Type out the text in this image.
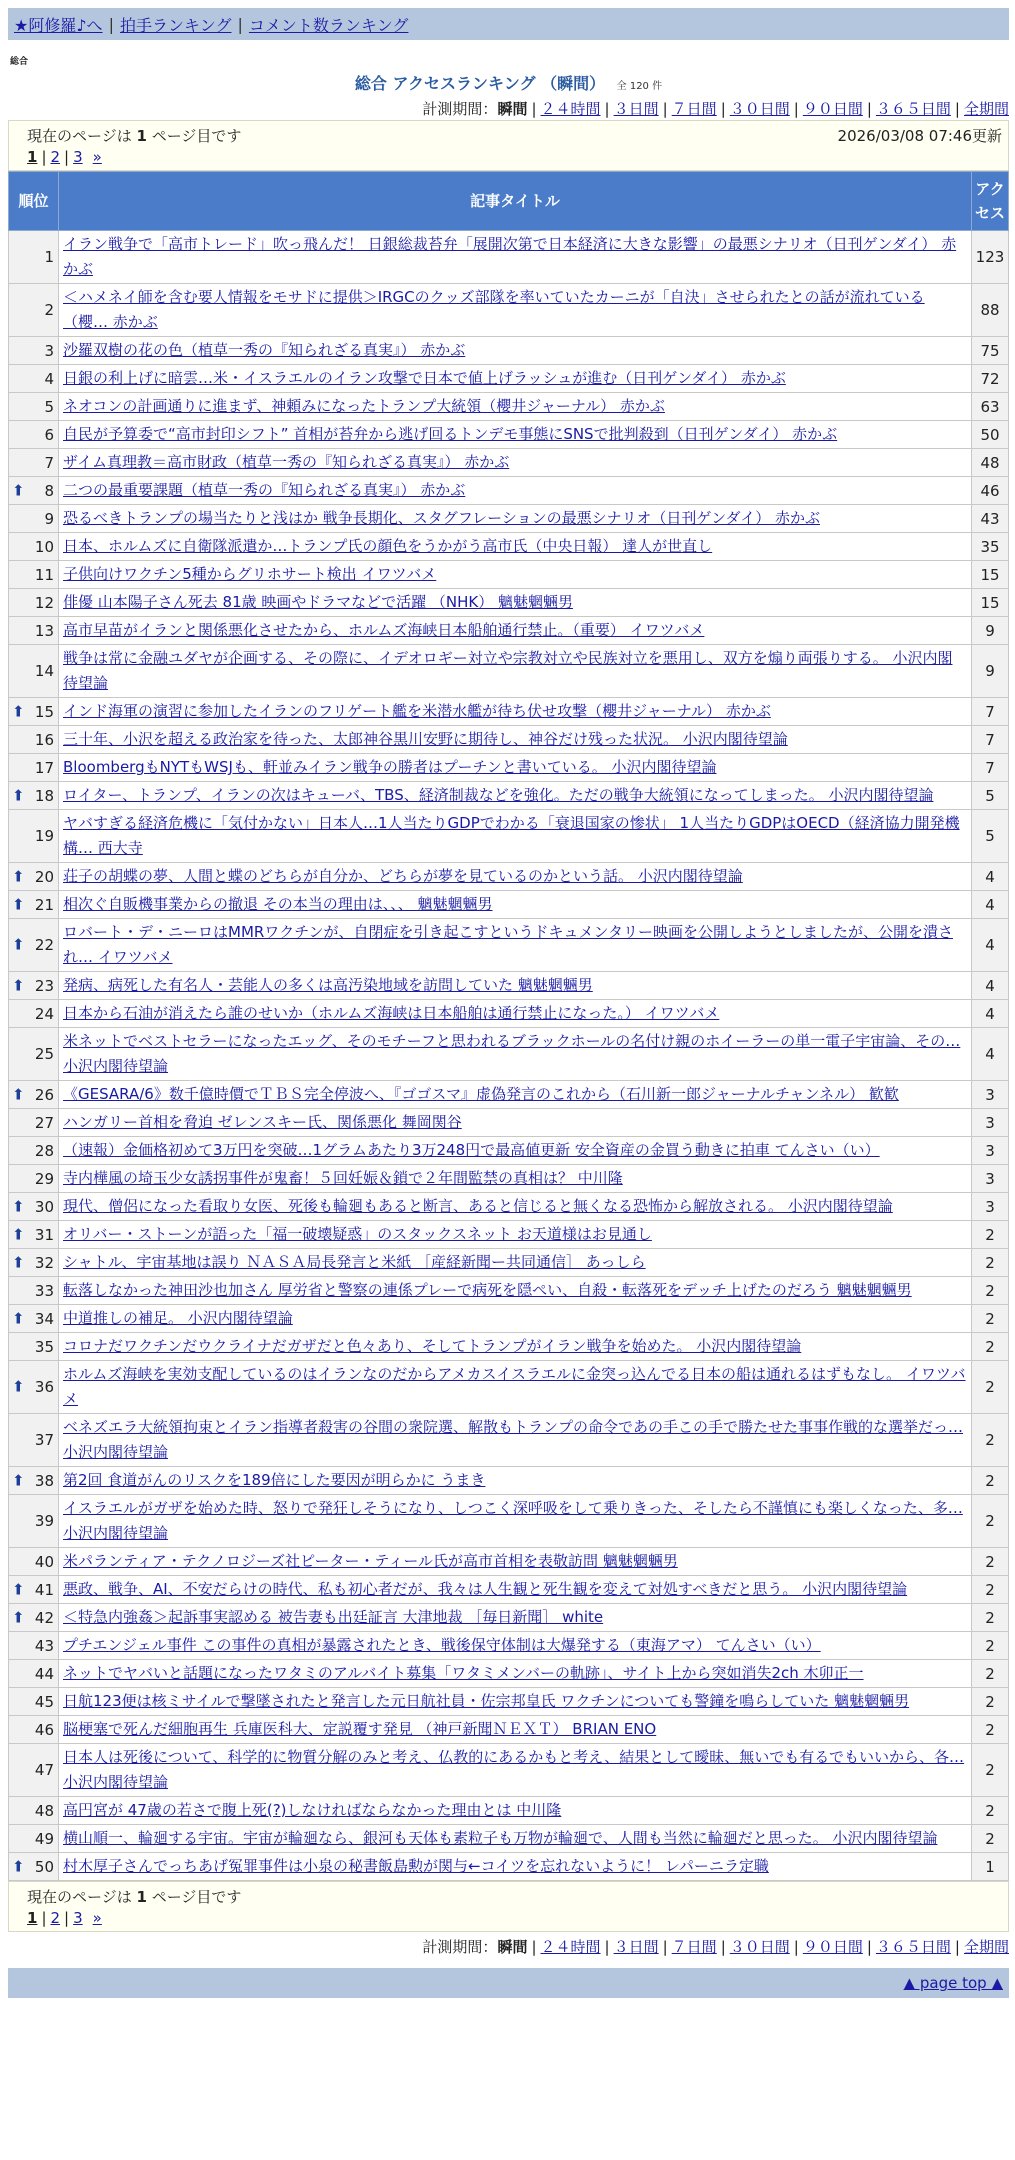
★阿修羅♪へ | 拍手ランキング | コメント数ランキング
総合
総合 アクセスランキング （瞬間） 全 120 件
計測期間：瞬間 | ２４時間 | ３日間 | ７日間 | ３０日間 | ９０日間 | ３６５日間 | 全期間
現在のページは 1 ページ目です	2026/03/08 07:46更新
1 | 2 | 3 »
順位	記事タイトル	アクセス
1	イラン戦争で「高市トレード」吹っ飛んだ！ 日銀総裁苔弁「展開次第で日本経済に大きな影響」の最悪シナリオ（日刊ゲンダイ） 赤かぶ	123
2	＜ハメネイ師を含む要人情報をモサドに提供＞IRGCのクッズ部隊を率いていたカーニが「自決」させられたとの話が流れている（櫻… 赤かぶ	88
3	沙羅双樹の花の色（植草一秀の『知られざる真実』） 赤かぶ	75
4	日銀の利上げに暗雲…米・イスラエルのイラン攻撃で日本で値上げラッシュが進む（日刊ゲンダイ） 赤かぶ	72
5	ネオコンの計画通りに進まず、神頼みになったトランプ大統領（櫻井ジャーナル） 赤かぶ	63
6	自民が予算委で“高市封印シフト” 首相が苔弁から逃げ回るトンデモ事態にSNSで批判殺到（日刊ゲンダイ） 赤かぶ	50
7	ザイム真理教＝高市財政（植草一秀の『知られざる真実』） 赤かぶ	48

⬆ 8	二つの最重要課題（植草一秀の『知られざる真実』） 赤かぶ	46
9	恐るべきトランプの場当たりと浅はか 戦争長期化、スタグフレーションの最悪シナリオ（日刊ゲンダイ） 赤かぶ	43
10	日本、ホルムズに自衛隊派遣か…トランプ氏の顔色をうかがう高市氏（中央日報） 達人が世直し	35
11	子供向けワクチン5種からグリホサート検出 イワツバメ	15
12	俳優 山本陽子さん死去 81歳 映画やドラマなどで活躍 （NHK） 魑魅魍魎男	15
13	高市早苗がイランと関係悪化させたから、ホルムズ海峡日本船舶通行禁止。（重要） イワツバメ	9
14	戦争は常に金融ユダヤが企画する、その際に、イデオロギー対立や宗教対立や民族対立を悪用し、双方を煽り両張りする。 小沢内閣待望論	9

⬆ 15	インド海軍の演習に参加したイランのフリゲート艦を米潜水艦が待ち伏せ攻撃（櫻井ジャーナル） 赤かぶ	7
16	三十年、小沢を超える政治家を待った、太郎神谷黒川安野に期待し、神谷だけ残った状況。 小沢内閣待望論	7
17	BloombergもNYTもWSJも、軒並みイラン戦争の勝者はプーチンと書いている。 小沢内閣待望論	7

⬆ 18	ロイター、トランプ、イランの次はキューバ、TBS、経済制裁などを強化。ただの戦争大統領になってしまった。 小沢内閣待望論	5
19	ヤバすぎる経済危機に「気付かない」日本人…1人当たりGDPでわかる「衰退国家の惨状」 1人当たりGDPはOECD（経済協力開発機構… 西大寺	5

⬆ 20	荘子の胡蝶の夢、人間と蝶のどちらが自分か、どちらが夢を見ているのかという話。 小沢内閣待望論	4

⬆ 21	相次ぐ自販機事業からの撤退 その本当の理由は、、、 魑魅魍魎男	4

⬆ 22	ロバート・デ・ニーロはMMRワクチンが、自閉症を引き起こすというドキュメンタリー映画を公開しようとしましたが、公開を潰され… イワツバメ	4

⬆ 23	発病、病死した有名人・芸能人の多くは高汚染地域を訪問していた 魑魅魍魎男	4
24	日本から石油が消えたら誰のせいか（ホルムズ海峡は日本船舶は通行禁止になった。） イワツバメ	4
25	米ネットでベストセラーになったエッグ、そのモチーフと思われるブラックホールの名付け親のホイーラーの単一電子宇宙論、その… 小沢内閣待望論	4

⬆ 26	《GESARA/6》数千億時價でＴＢＳ完全停波へ、『ゴゴスマ』虚偽発言のこれから（石川新一郎ジャーナルチャンネル） 歓歓	3
27	ハンガリー首相を脅迫 ゼレンスキー氏、関係悪化 舞岡関谷	3
28	（速報）金価格初めて3万円を突破…1グラムあたり3万248円で最高値更新 安全資産の金買う動きに拍車 てんさい（い）	3
29	寺内樺風の埼玉少女誘拐事件が鬼畜！５回妊娠＆鎖で２年間監禁の真相は？ 中川隆	3

⬆ 30	現代、僧侶になった看取り女医、死後も輪廻もあると断言、あると信じると無くなる恐怖から解放される。 小沢内閣待望論	3

⬆ 31	オリバー・ストーンが語った「福一破壊疑惑」のスタックスネット お天道様はお見通し	2

⬆ 32	シャトル、宇宙基地は誤り ＮＡＳＡ局長発言と米紙 ［産経新聞ー共同通信］ あっしら	2
33	転落しなかった神田沙也加さん 厚労省と警察の連係プレーで病死を隠ぺい、自殺・転落死をデッチ上げたのだろう 魑魅魍魎男	2

⬆ 34	中道推しの補足。 小沢内閣待望論	2
35	コロナだワクチンだウクライナだガザだと色々あり、そしてトランプがイラン戦争を始めた。 小沢内閣待望論	2

⬆ 36	ホルムズ海峡を実効支配しているのはイランなのだからアメカスイスラエルに金突っ込んでる日本の船は通れるはずもなし。 イワツバメ	2
37	ベネズエラ大統領拘束とイラン指導者殺害の谷間の衆院選、解散もトランプの命令であの手この手で勝たせた事事作戦的な選挙だっ… 小沢内閣待望論	2

⬆ 38	第2回 食道がんのリスクを189倍にした要因が明らかに うまき	2
39	イスラエルがガザを始めた時、怒りで発狂しそうになり、しつこく深呼吸をして乗りきった、そしたら不謹慎にも楽しくなった、多… 小沢内閣待望論	2
40	米パランティア・テクノロジーズ社ピーター・ティール氏が高市首相を表敬訪問 魑魅魍魎男	2

⬆ 41	悪政、戦争、AI、不安だらけの時代、私も初心者だが、我々は人生観と死生観を変えて対処すべきだと思う。 小沢内閣待望論	2

⬆ 42	＜特急内強姦＞起訴事実認める 被告妻も出廷証言 大津地裁 ［毎日新聞］ white	2
43	プチエンジェル事件 この事件の真相が暴露されたとき、戦後保守体制は大爆発する（東海アマ） てんさい（い）	2
44	ネットでヤバいと話題になったワタミのアルバイト募集「ワタミメンバーの軌跡」、サイト上から突如消失2ch 木卯正一	2
45	日航123便は核ミサイルで撃墜されたと発言した元日航社員・佐宗邦皇氏 ワクチンについても警鐘を鳴らしていた 魑魅魍魎男	2
46	脳梗塞で死んだ細胞再生 兵庫医科大、定説覆す発見 （神戸新聞ＮＥＸＴ） BRIAN ENO	2
47	日本人は死後について、科学的に物質分解のみと考え、仏教的にあるかもと考え、結果として曖昧、無いでも有るでもいいから、各… 小沢内閣待望論	2
48	高円宮が 47歳の若さで腹上死(?)しなければならなかった理由とは 中川隆	2
49	横山順一、輪廻する宇宙。宇宙が輪廻なら、銀河も天体も素粒子も万物が輪廻で、人間も当然に輪廻だと思った。 小沢内閣待望論	2

⬆ 50	村木厚子さんでっちあげ冤罪事件は小泉の秘書飯島勲が関与←コイツを忘れないように！ レパーニラ定職	1
現在のページは 1 ページ目です
1 | 2 | 3 »
計測期間：瞬間 | ２４時間 | ３日間 | ７日間 | ３０日間 | ９０日間 | ３６５日間 | 全期間
▲ page top ▲
